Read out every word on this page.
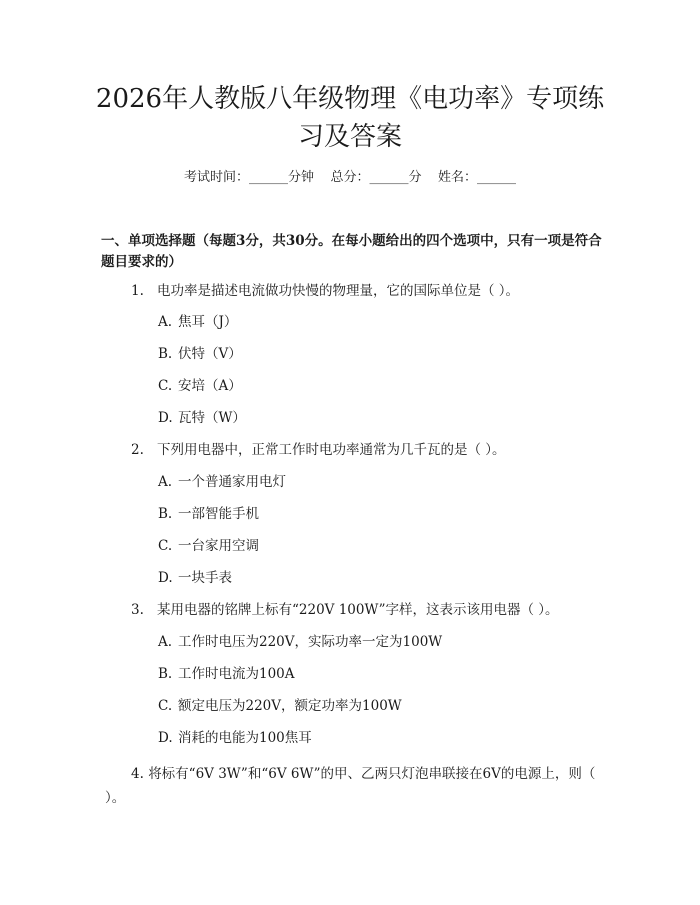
2026年人教版八年级物理《电功率》专项练习及答案
考试时间：______分钟    总分：______分    姓名：______
一、单项选择题（每题3分，共30分。在每小题给出的四个选项中，只有一项是符合题目要求的）
1. 电功率是描述电流做功快慢的物理量，它的国际单位是（ ）。
A. 焦耳（J）
B. 伏特（V）
C. 安培（A）
D. 瓦特（W）
2. 下列用电器中，正常工作时电功率通常为几千瓦的是（ ）。
A. 一个普通家用电灯
B. 一部智能手机
C. 一台家用空调
D. 一块手表
3. 某用电器的铭牌上标有“220V 100W”字样，这表示该用电器（ ）。
A. 工作时电压为220V，实际功率一定为100W
B. 工作时电流为100A
C. 额定电压为220V，额定功率为100W
D. 消耗的电能为100焦耳
4. 将标有“6V 3W”和“6V 6W”的甲、乙两只灯泡串联接在6V的电源上，则（ ）。
